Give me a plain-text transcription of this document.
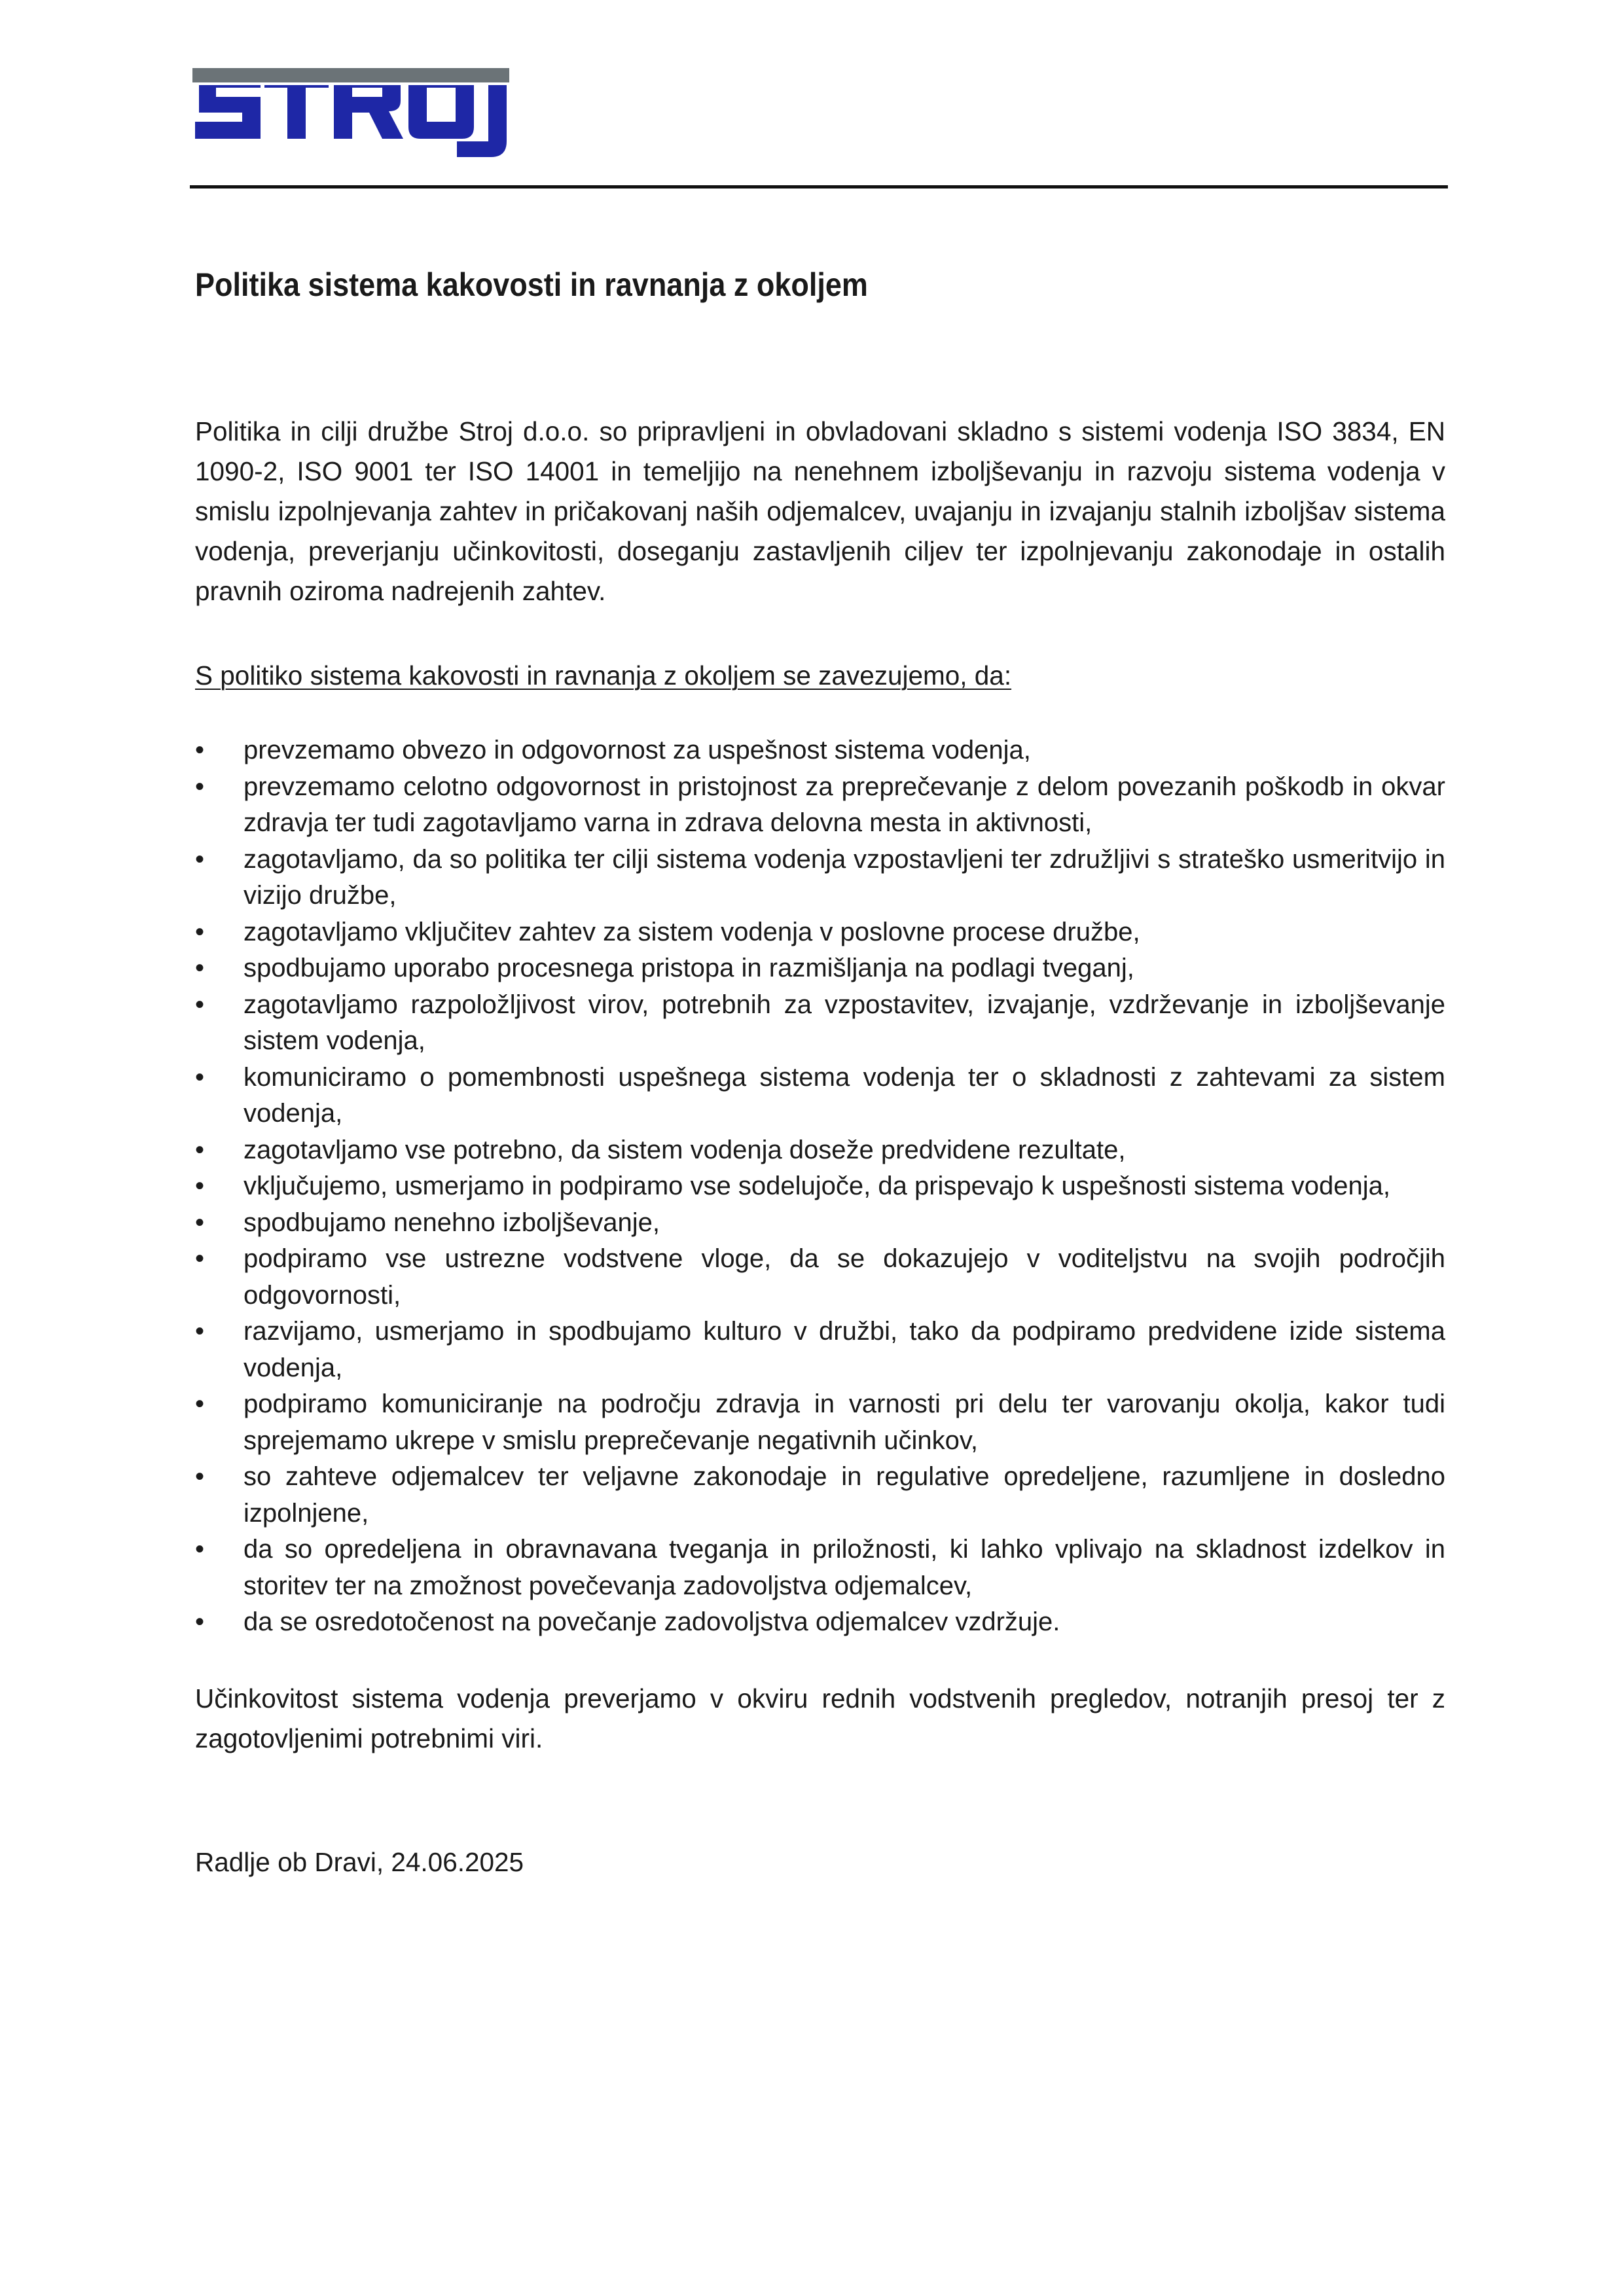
Politika sistema kakovosti in ravnanja z okoljem

Politika in cilji družbe Stroj d.o.o. so pripravljeni in obvladovani skladno s sistemi vodenja ISO 3834, EN 1090-2, ISO 9001 ter ISO 14001 in temeljijo na nenehnem izboljševanju in razvoju sistema vodenja v smislu izpolnjevanja zahtev in pričakovanj naših odjemalcev, uvajanju in izvajanju stalnih izboljšav sistema vodenja, preverjanju učinkovitosti, doseganju zastavljenih ciljev ter izpolnjevanju zakonodaje in ostalih pravnih oziroma nadrejenih zahtev.

S politiko sistema kakovosti in ravnanja z okoljem se zavezujemo, da:

• prevzemamo obvezo in odgovornost za uspešnost sistema vodenja,
• prevzemamo celotno odgovornost in pristojnost za preprečevanje z delom povezanih poškodb in okvar zdravja ter tudi zagotavljamo varna in zdrava delovna mesta in aktivnosti,
• zagotavljamo, da so politika ter cilji sistema vodenja vzpostavljeni ter združljivi s strateško usmeritvijo in vizijo družbe,
• zagotavljamo vključitev zahtev za sistem vodenja v poslovne procese družbe,
• spodbujamo uporabo procesnega pristopa in razmišljanja na podlagi tveganj,
• zagotavljamo razpoložljivost virov, potrebnih za vzpostavitev, izvajanje, vzdrževanje in izboljševanje sistem vodenja,
• komuniciramo o pomembnosti uspešnega sistema vodenja ter o skladnosti z zahtevami za sistem vodenja,
• zagotavljamo vse potrebno, da sistem vodenja doseže predvidene rezultate,
• vključujemo, usmerjamo in podpiramo vse sodelujoče, da prispevajo k uspešnosti sistema vodenja,
• spodbujamo nenehno izboljševanje,
• podpiramo vse ustrezne vodstvene vloge, da se dokazujejo v voditeljstvu na svojih področjih odgovornosti,
• razvijamo, usmerjamo in spodbujamo kulturo v družbi, tako da podpiramo predvidene izide sistema vodenja,
• podpiramo komuniciranje na področju zdravja in varnosti pri delu ter varovanju okolja, kakor tudi sprejemamo ukrepe v smislu preprečevanje negativnih učinkov,
• so zahteve odjemalcev ter veljavne zakonodaje in regulative opredeljene, razumljene in dosledno izpolnjene,
• da so opredeljena in obravnavana tveganja in priložnosti, ki lahko vplivajo na skladnost izdelkov in storitev ter na zmožnost povečevanja zadovoljstva odjemalcev,
• da se osredotočenost na povečanje zadovoljstva odjemalcev vzdržuje.

Učinkovitost sistema vodenja preverjamo v okviru rednih vodstvenih pregledov, notranjih presoj ter z zagotovljenimi potrebnimi viri.

Radlje ob Dravi, 24.06.2025
